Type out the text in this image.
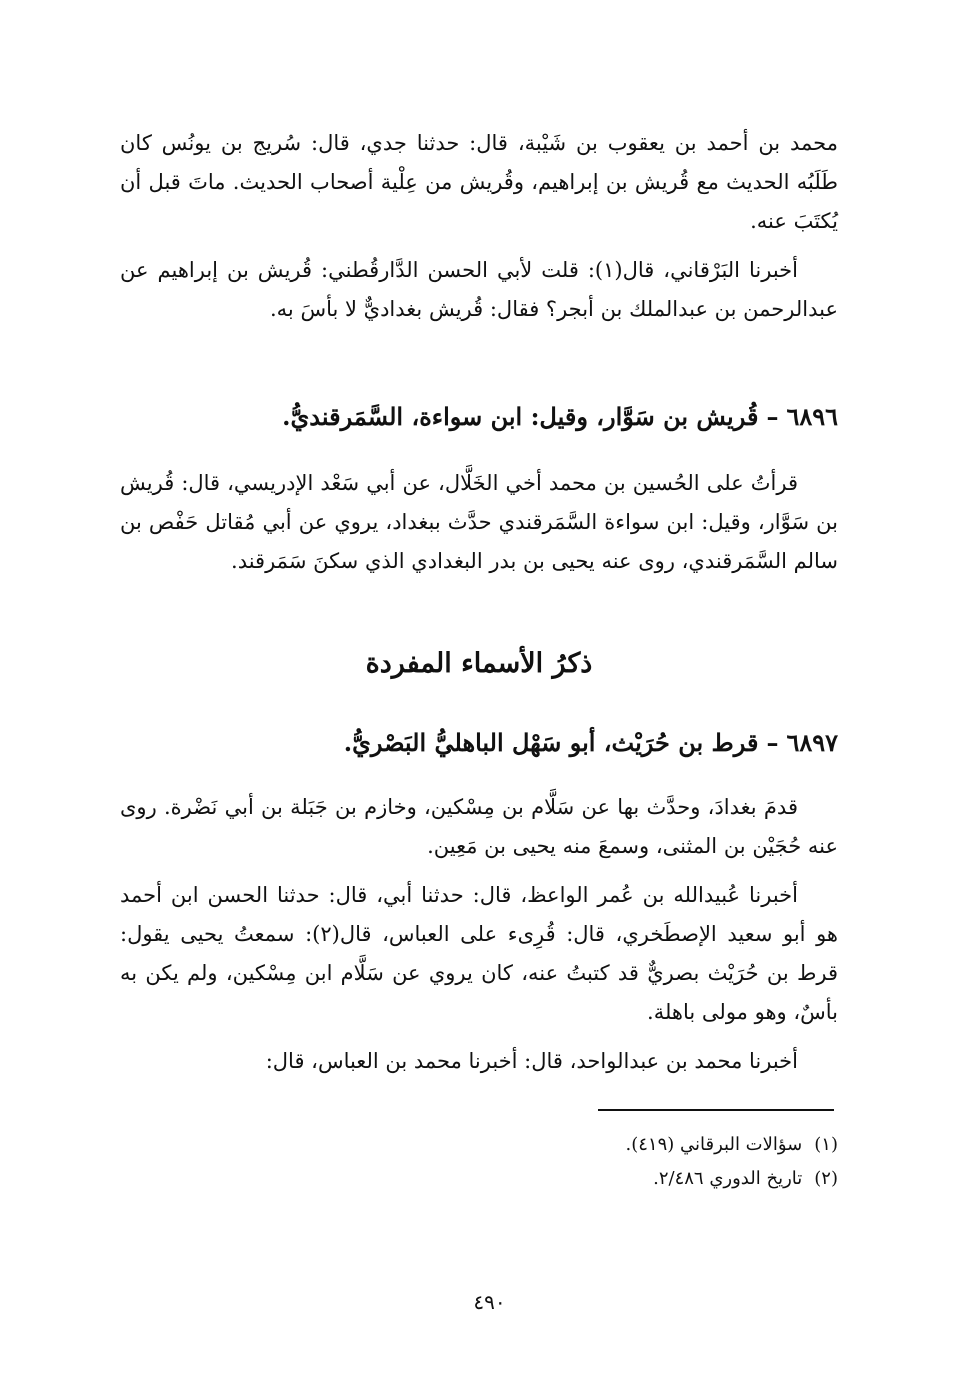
محمد بن أحمد بن يعقوب بن شَيْبة، قال: حدثنا جدي، قال: سُريج بن يونُس كان طَلَبُه الحديث مع قُريش بن إبراهيم، وقُريش من عِلْية أصحاب الحديث. ماتَ قبل أن يُكتَبَ عنه.

أخبرنا البَرْقاني، قال(١): قلت لأبي الحسن الدَّارقُطني: قُريش بن إبراهيم عن عبدالرحمن بن عبدالملك بن أبجر؟ فقال: قُريش بغداديٌّ لا بأسَ به.

٦٨٩٦–قُريش بن سَوَّار، وقيل: ابن سواءة، السَّمَرقنديُّ.

قرأتُ على الحُسين بن محمد أخي الخَلَّال، عن أبي سَعْد الإدريسي، قال: قُريش بن سَوَّار، وقيل: ابن سواءة السَّمَرقندي حدَّث ببغداد، يروي عن أبي مُقاتل حَفْص بن سالم السَّمَرقندي، روى عنه يحيى بن بدر البغدادي الذي سكنَ سَمَرقند.

ذكرُ الأسماء المفردة
٦٨٩٧–قرط بن حُرَيْث، أبو سَهْل الباهليُّ البَصْريُّ.

قدمَ بغدادَ، وحدَّث بها عن سَلَّام بن مِسْكين، وخازم بن جَبَلة بن أبي نَضْرة. روى عنه حُجَيْن بن المثنى، وسمعَ منه يحيى بن مَعِين.

أخبرنا عُبيدالله بن عُمر الواعظ، قال: حدثنا أبي، قال: حدثنا الحسن ابن أحمد هو أبو سعيد الإصطَخري، قال: قُرِىء على العباس، قال(٢): سمعتُ يحيى يقول: قرط بن حُرَيْث بصريٌّ قد كتبتُ عنه، كان يروي عن سَلَّام ابن مِسْكين، ولم يكن به بأسٌ، وهو مولى باهلة.

أخبرنا محمد بن عبدالواحد، قال: أخبرنا محمد بن العباس، قال:

(١)سؤالات البرقاني (٤١٩).
(٢)تاريخ الدوري ٢/٤٨٦.
٤٩٠
